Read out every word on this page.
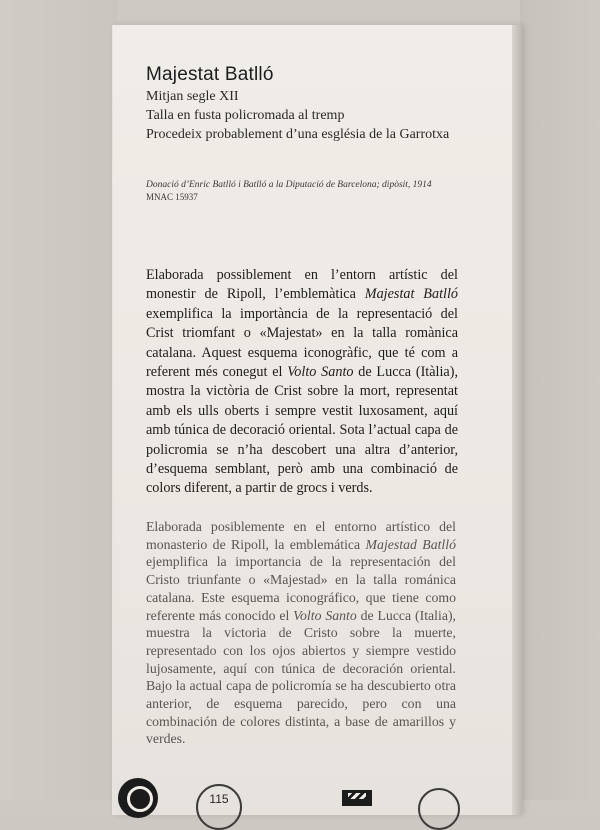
Majestat Batlló
Mitjan segle XII
Talla en fusta policromada al tremp
Procedeix probablement d’una església de la Garrotxa
Donació d’Enric Batlló i Batlló a la Diputació de Barcelona; dipòsit, 1914
MNAC 15937

Elaborada possiblement en l’entorn artístic del monestir de Ripoll, l’emblemàtica Majestat Batlló exemplifica la importància de la representació del Crist triomfant o «Majestat» en la talla romànica catalana. Aquest esquema iconogràfic, que té com a referent més conegut el Volto Santo de Lucca (Itàlia), mostra la victòria de Crist sobre la mort, representat amb els ulls oberts i sempre vestit luxosament, aquí amb túnica de decoració oriental. Sota l’actual capa de policromia se n’ha descobert una altra d’anterior, d’esquema semblant, però amb una combinació de colors diferent, a partir de grocs i verds.

Elaborada posiblemente en el entorno artístico del monasterio de Ripoll, la emblemática Majestad Batlló ejemplifica la importancia de la representación del Cristo triunfante o «Majestad» en la talla románica catalana. Este esquema iconográfico, que tiene como referente más conocido el Volto Santo de Lucca (Italia), muestra la victoria de Cristo sobre la muerte, representado con los ojos abiertos y siempre vestido lujosamente, aquí con túnica de decoración oriental. Bajo la actual capa de policromía se ha descubierto otra anterior, de esquema parecido, pero con una combinación de colores distinta, a base de amarillos y verdes.

115
